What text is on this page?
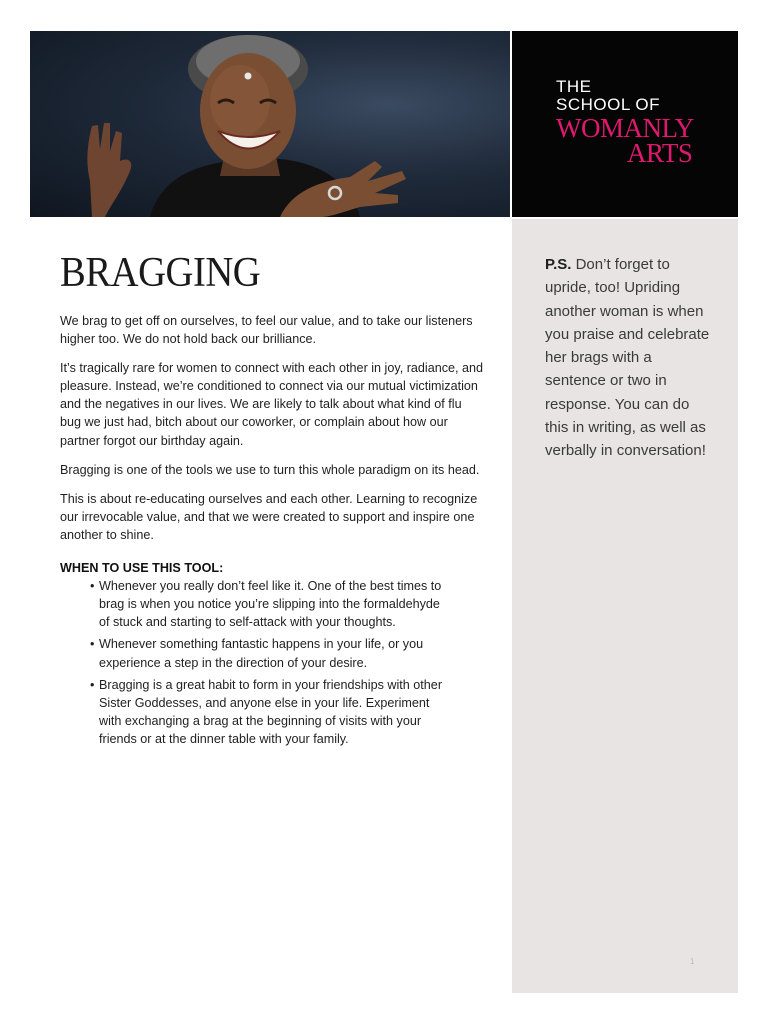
THE

SCHOOL OF

WOMANLY

ARTS

BRAGGING

We brag to get off on ourselves, to feel our value, and to take our listeners higher too. We do not hold back our brilliance.

It’s tragically rare for women to connect with each other in joy, radiance, and pleasure. Instead, we’re conditioned to connect via our mutual victimization and the negatives in our lives. We are likely to talk about what kind of flu bug we just had, bitch about our coworker, or complain about how our partner forgot our birthday again.

Bragging is one of the tools we use to turn this whole paradigm on its head.

This is about re-educating ourselves and each other. Learning to recognize our irrevocable value, and that we were created to support and inspire one another to shine.

WHEN TO USE THIS TOOL:

• Whenever you really don’t feel like it. One of the best times to brag is when you notice you’re slipping into the formaldehyde of stuck and starting to self-attack with your thoughts.
• Whenever something fantastic happens in your life, or you experience a step in the direction of your desire.
• Bragging is a great habit to form in your friendships with other Sister Goddesses, and anyone else in your life. Experiment with exchanging a brag at the beginning of visits with your friends or at the dinner table with your family.

P.S. Don’t forget to upride, too! Upriding another woman is when you praise and celebrate her brags with a sentence or two in response. You can do this in writing, as well as verbally in conversation!

1
